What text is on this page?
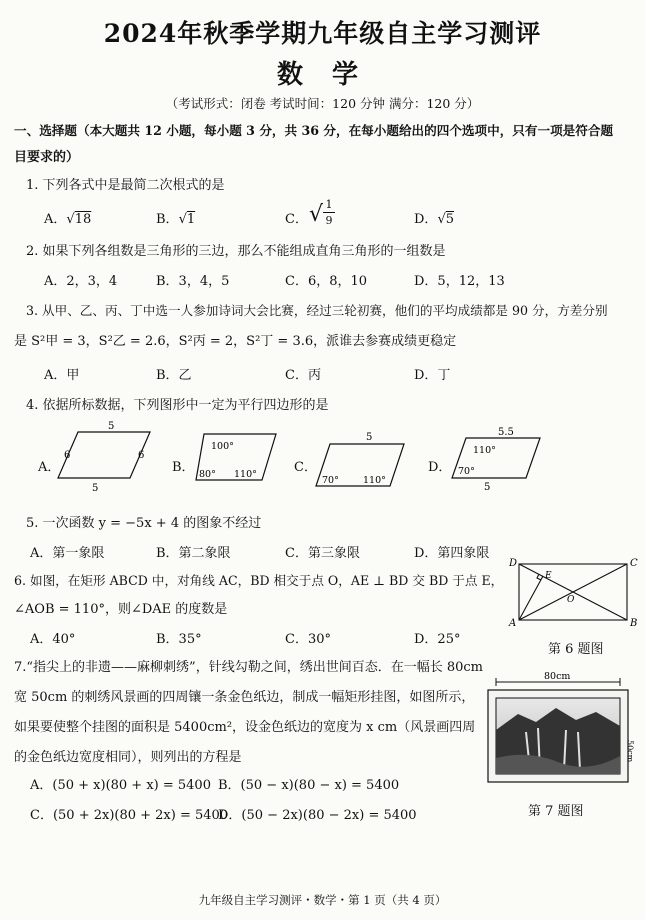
2024年秋季学期九年级自主学习测评
数 学
（考试形式：闭卷 考试时间：120 分钟 满分：120 分）
一、选择题（本大题共 12 小题，每小题 3 分，共 36 分，在每小题给出的四个选项中，只有一项是符合题
目要求的）
1. 下列各式中是最简二次根式的是
A．√18	B．√1	C． √ 1
9	D．√5
2. 如果下列各组数是三角形的三边，那么不能组成直角三角形的一组数是
A．2，3，4	B．3，4，5	C．6，8，10	D．5，12，13
3. 从甲、乙、丙、丁中选一人参加诗词大会比赛，经过三轮初赛，他们的平均成绩都是 90 分，方差分别
是 S²甲 = 3，S²乙 = 2.6，S²丙 = 2，S²丁 = 3.6，派谁去参赛成绩更稳定
A．甲	B．乙	C．丙	D．丁
4. 依据所标数据，下列图形中一定为平行四边形的是
A．	B．	C．	D．
5
5
6	6
100°
80° 110°
5
70°	110°
5.5
5
110°
70°
5. 一次函数 y = −5x + 4 的图象不经过
A．第一象限	B．第二象限	C．第三象限	D．第四象限
6. 如图，在矩形 ABCD 中，对角线 AC，BD 相交于点 O，AE ⊥ BD 交 BD 于点 E，
∠AOB = 110°，则∠DAE 的度数是
A．40°	B．35°	C．30°	D．25°
D	C
A	B
E
O
第 6 题图
7.“指尖上的非遗——麻柳刺绣”，针线勾勒之间，绣出世间百态．在一幅长 80cm
宽 50cm 的刺绣风景画的四周镶一条金色纸边，制成一幅矩形挂图，如图所示，
如果要使整个挂图的面积是 5400cm²，设金色纸边的宽度为 x cm（风景画四周
的金色纸边宽度相同），则列出的方程是
A．(50 + x)(80 + x) = 5400 B．(50 − x)(80 − x) = 5400
C．(50 + 2x)(80 + 2x) = 5400
D．(50 − 2x)(80 − 2x) = 5400
80cm
50cm
第 7 题图
九年级自主学习测评・数学・第 1 页（共 4 页）
